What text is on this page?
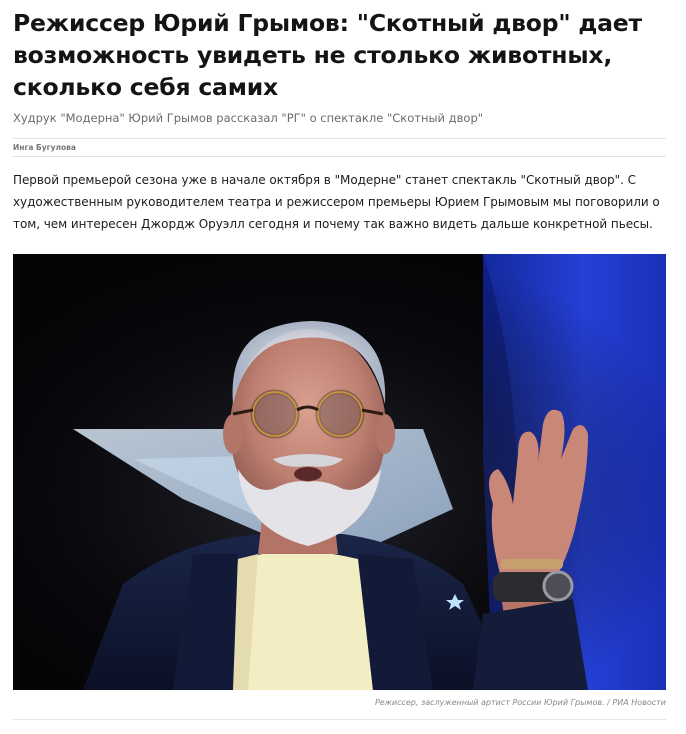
Режиссер Юрий Грымов: "Скотный двор" дает возможность увидеть не столько животных, сколько себя самих
Худрук "Модерна" Юрий Грымов рассказал "РГ" о спектакле "Скотный двор"
Инга Бугулова

Первой премьерой сезона уже в начале октября в "Модерне" станет спектакль "Скотный двор". С художественным руководителем театра и режиссером премьеры Юрием Грымовым мы поговорили о том, чем интересен Джордж Оруэлл сегодня и почему так важно видеть дальше конкретной пьесы.

Режиссер, заслуженный артист России Юрий Грымов. / РИА Новости
